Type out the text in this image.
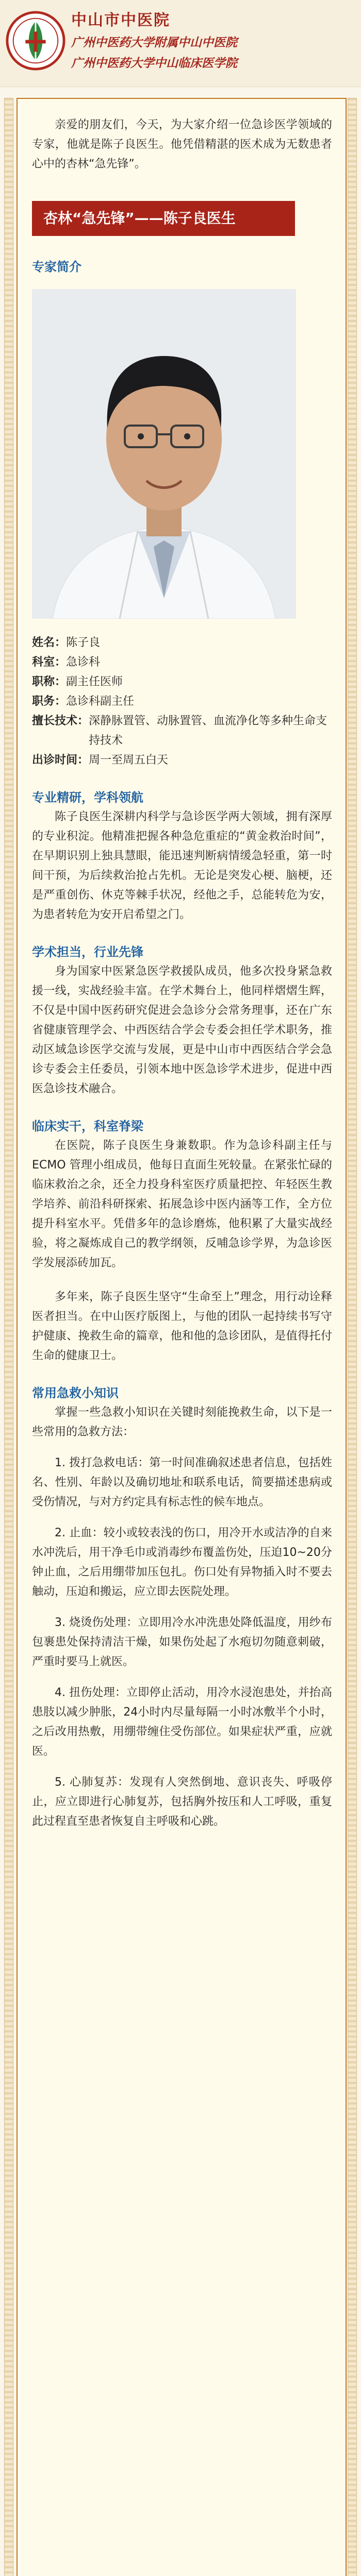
中山市中医院
广州中医药大学附属中山中医院
广州中医药大学中山临床医学院

亲爱的朋友们，今天，为大家介绍一位急诊医学领域的专家，他就是陈子良医生。他凭借精湛的医术成为无数患者心中的杏林“急先锋”。

杏林“急先锋”——陈子良医生
专家简介
姓名： 陈子良
科室： 急诊科
职称： 副主任医师
职务： 急诊科副主任
擅长技术： 深静脉置管、动脉置管、血流净化等多种生命支持技术
出诊时间： 周一至周五白天
专业精研，学科领航

陈子良医生深耕内科学与急诊医学两大领域，拥有深厚的专业积淀。他精准把握各种急危重症的“黄金救治时间”，在早期识别上独具慧眼，能迅速判断病情缓急轻重，第一时间干预，为后续救治抢占先机。无论是突发心梗、脑梗，还是严重创伤、休克等棘手状况，经他之手，总能转危为安，为患者转危为安开启希望之门。

学术担当，行业先锋

身为国家中医紧急医学救援队成员，他多次投身紧急救援一线，实战经验丰富。在学术舞台上，他同样熠熠生辉，不仅是中国中医药研究促进会急诊分会常务理事，还在广东省健康管理学会、中西医结合学会专委会担任学术职务，推动区域急诊医学交流与发展，更是中山市中西医结合学会急诊专委会主任委员，引领本地中医急诊学术进步，促进中西医急诊技术融合。

临床实干，科室脊梁

在医院，陈子良医生身兼数职。作为急诊科副主任与 ECMO 管理小组成员，他每日直面生死较量。在紧张忙碌的临床救治之余，还全力投身科室医疗质量把控、年轻医生教学培养、前沿科研探索、拓展急诊中医内涵等工作，全方位提升科室水平。凭借多年的急诊磨炼，他积累了大量实战经验，将之凝炼成自己的教学纲领，反哺急诊学界，为急诊医学发展添砖加瓦。

多年来，陈子良医生坚守“生命至上”理念，用行动诠释医者担当。在中山医疗版图上，与他的团队一起持续书写守护健康、挽救生命的篇章，他和他的急诊团队，是值得托付生命的健康卫士。

常用急救小知识

掌握一些急救小知识在关键时刻能挽救生命，以下是一些常用的急救方法：

1. 拨打急救电话：第一时间准确叙述患者信息，包括姓名、性别、年龄以及确切地址和联系电话，简要描述患病或受伤情况，与对方约定具有标志性的候车地点。

2. 止血：较小或较表浅的伤口，用冷开水或洁净的自来水冲洗后，用干净毛巾或消毒纱布覆盖伤处，压迫10~20分钟止血，之后用绷带加压包扎。伤口处有异物插入时不要去触动，压迫和搬运，应立即去医院处理。

3. 烧烫伤处理：立即用冷水冲洗患处降低温度，用纱布包裹患处保持清洁干燥，如果伤处起了水疱切勿随意刺破，严重时要马上就医。

4. 扭伤处理：立即停止活动，用冷水浸泡患处，并抬高患肢以减少肿胀，24小时内尽量每隔一小时冰敷半个小时，之后改用热敷，用绷带缠住受伤部位。如果症状严重，应就医。

5. 心肺复苏：发现有人突然倒地、意识丧失、呼吸停止，应立即进行心肺复苏，包括胸外按压和人工呼吸，重复此过程直至患者恢复自主呼吸和心跳。
